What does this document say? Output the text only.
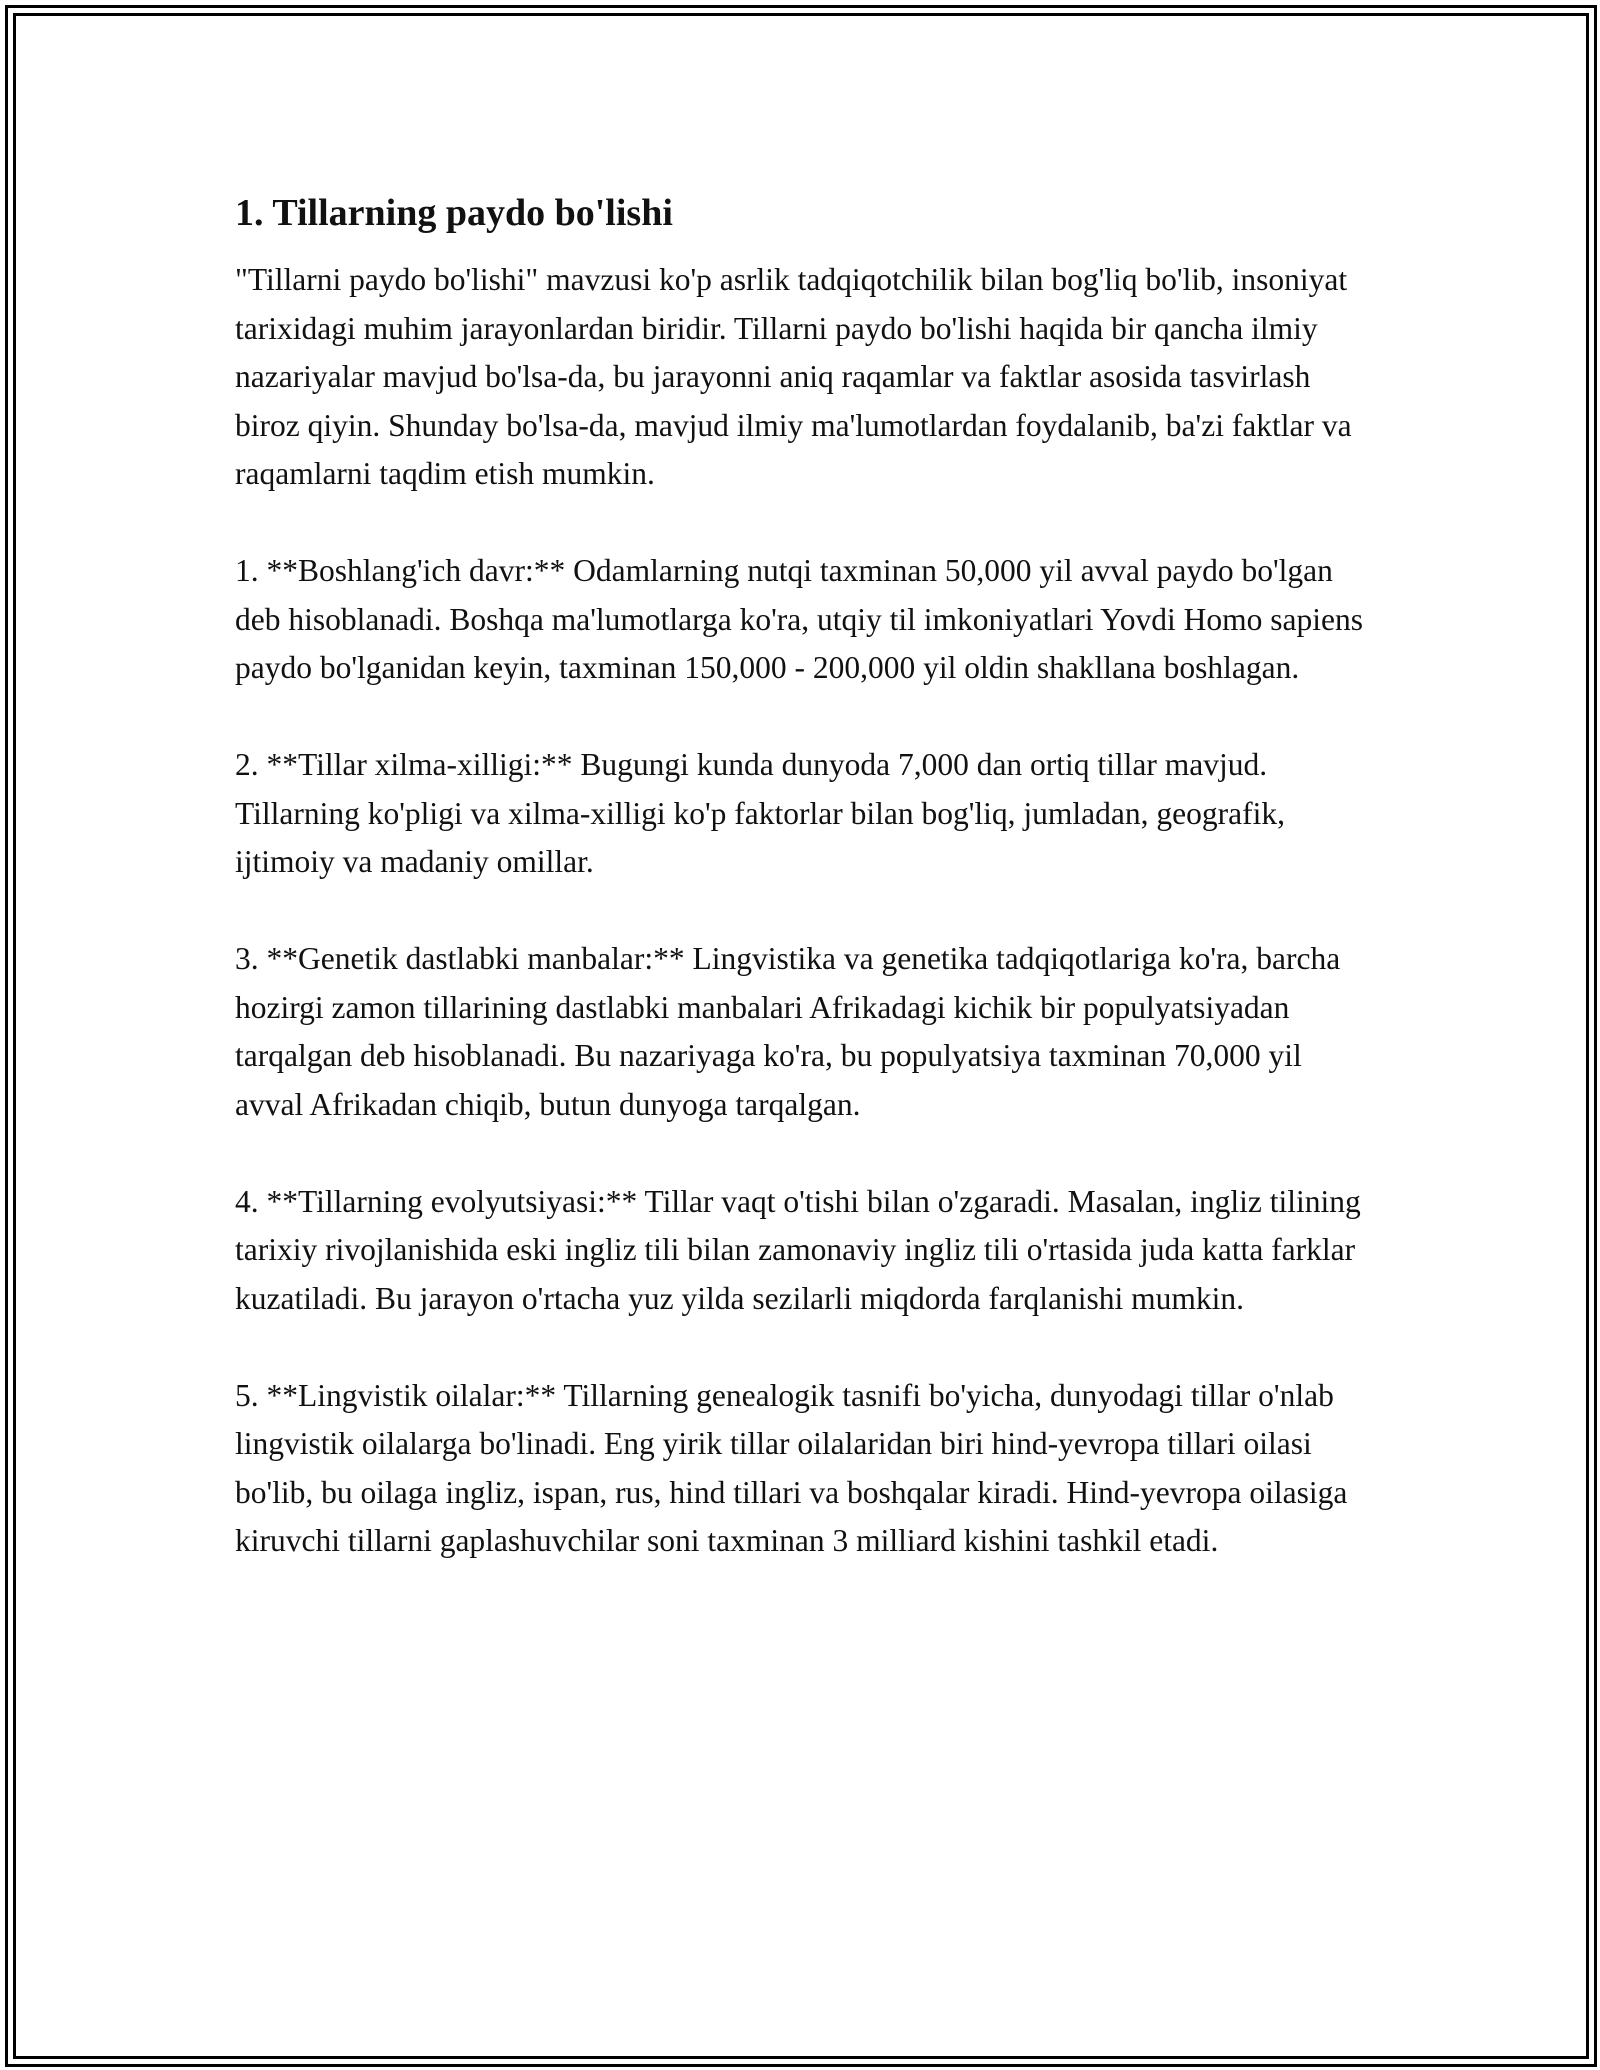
1. Tillarning paydo bo'lishi

"Tillarni paydo bo'lishi" mavzusi ko'p asrlik tadqiqotchilik bilan bog'liq bo'lib, insoniyat tarixidagi muhim jarayonlardan biridir. Tillarni paydo bo'lishi haqida bir qancha ilmiy nazariyalar mavjud bo'lsa-da, bu jarayonni aniq raqamlar va faktlar asosida tasvirlash biroz qiyin. Shunday bo'lsa-da, mavjud ilmiy ma'lumotlardan foydalanib, ba'zi faktlar va raqamlarni taqdim etish mumkin.

1. **Boshlang'ich davr:** Odamlarning nutqi taxminan 50,000 yil avval paydo bo'lgan deb hisoblanadi. Boshqa ma'lumotlarga ko'ra, utqiy til imkoniyatlari Yovdi Homo sapiens paydo bo'lganidan keyin, taxminan 150,000 - 200,000 yil oldin shakllana boshlagan.

2. **Tillar xilma-xilligi:** Bugungi kunda dunyoda 7,000 dan ortiq tillar mavjud. Tillarning ko'pligi va xilma-xilligi ko'p faktorlar bilan bog'liq, jumladan, geografik, ijtimoiy va madaniy omillar.

3. **Genetik dastlabki manbalar:** Lingvistika va genetika tadqiqotlariga ko'ra, barcha hozirgi zamon tillarining dastlabki manbalari Afrikadagi kichik bir populyatsiyadan tarqalgan deb hisoblanadi. Bu nazariyaga ko'ra, bu populyatsiya taxminan 70,000 yil avval Afrikadan chiqib, butun dunyoga tarqalgan.

4. **Tillarning evolyutsiyasi:** Tillar vaqt o'tishi bilan o'zgaradi. Masalan, ingliz tilining tarixiy rivojlanishida eski ingliz tili bilan zamonaviy ingliz tili o'rtasida juda katta farklar kuzatiladi. Bu jarayon o'rtacha yuz yilda sezilarli miqdorda farqlanishi mumkin.

5. **Lingvistik oilalar:** Tillarning genealogik tasnifi bo'yicha, dunyodagi tillar o'nlab lingvistik oilalarga bo'linadi. Eng yirik tillar oilalaridan biri hind-yevropa tillari oilasi bo'lib, bu oilaga ingliz, ispan, rus, hind tillari va boshqalar kiradi. Hind-yevropa oilasiga kiruvchi tillarni gaplashuvchilar soni taxminan 3 milliard kishini tashkil etadi.
